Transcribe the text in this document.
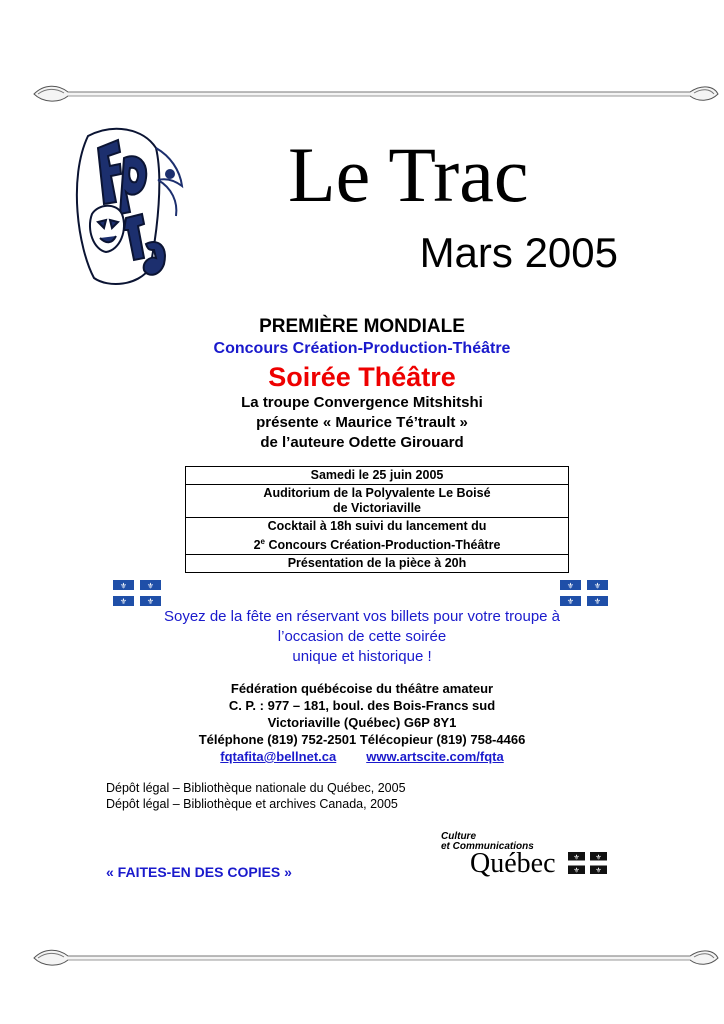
Le Trac
Mars 2005
PREMIÈRE MONDIALE
Concours Création-Production-Théâtre
Soirée Théâtre
La troupe Convergence Mitshitshi
présente « Maurice Té’trault »
de l’auteure Odette Girouard
Samedi le 25 juin 2005

Auditorium de la Polyvalente Le Boisé
de Victoriaville

Cocktail à 18h suivi du lancement du
2e Concours Création-Production-Théâtre

Présentation de la pièce à 20h
⚜ ⚜
⚜ ⚜
⚜ ⚜
⚜ ⚜
Soyez de la fête en réservant vos billets pour votre troupe à
l’occasion de cette soirée
unique et historique !
Fédération québécoise du théâtre amateur
C. P. : 977 – 181, boul. des Bois-Francs sud
Victoriaville (Québec) G6P 8Y1
Téléphone (819) 752-2501 Télécopieur (819) 758-4466
fqtafita@bellnet.ca www.artscite.com/fqta
Dépôt légal – Bibliothèque nationale du Québec, 2005
Dépôt légal – Bibliothèque et archives Canada, 2005
« FAITES-EN DES COPIES »
Culture
et Communications
Québec	⚜ ⚜
⚜ ⚜
